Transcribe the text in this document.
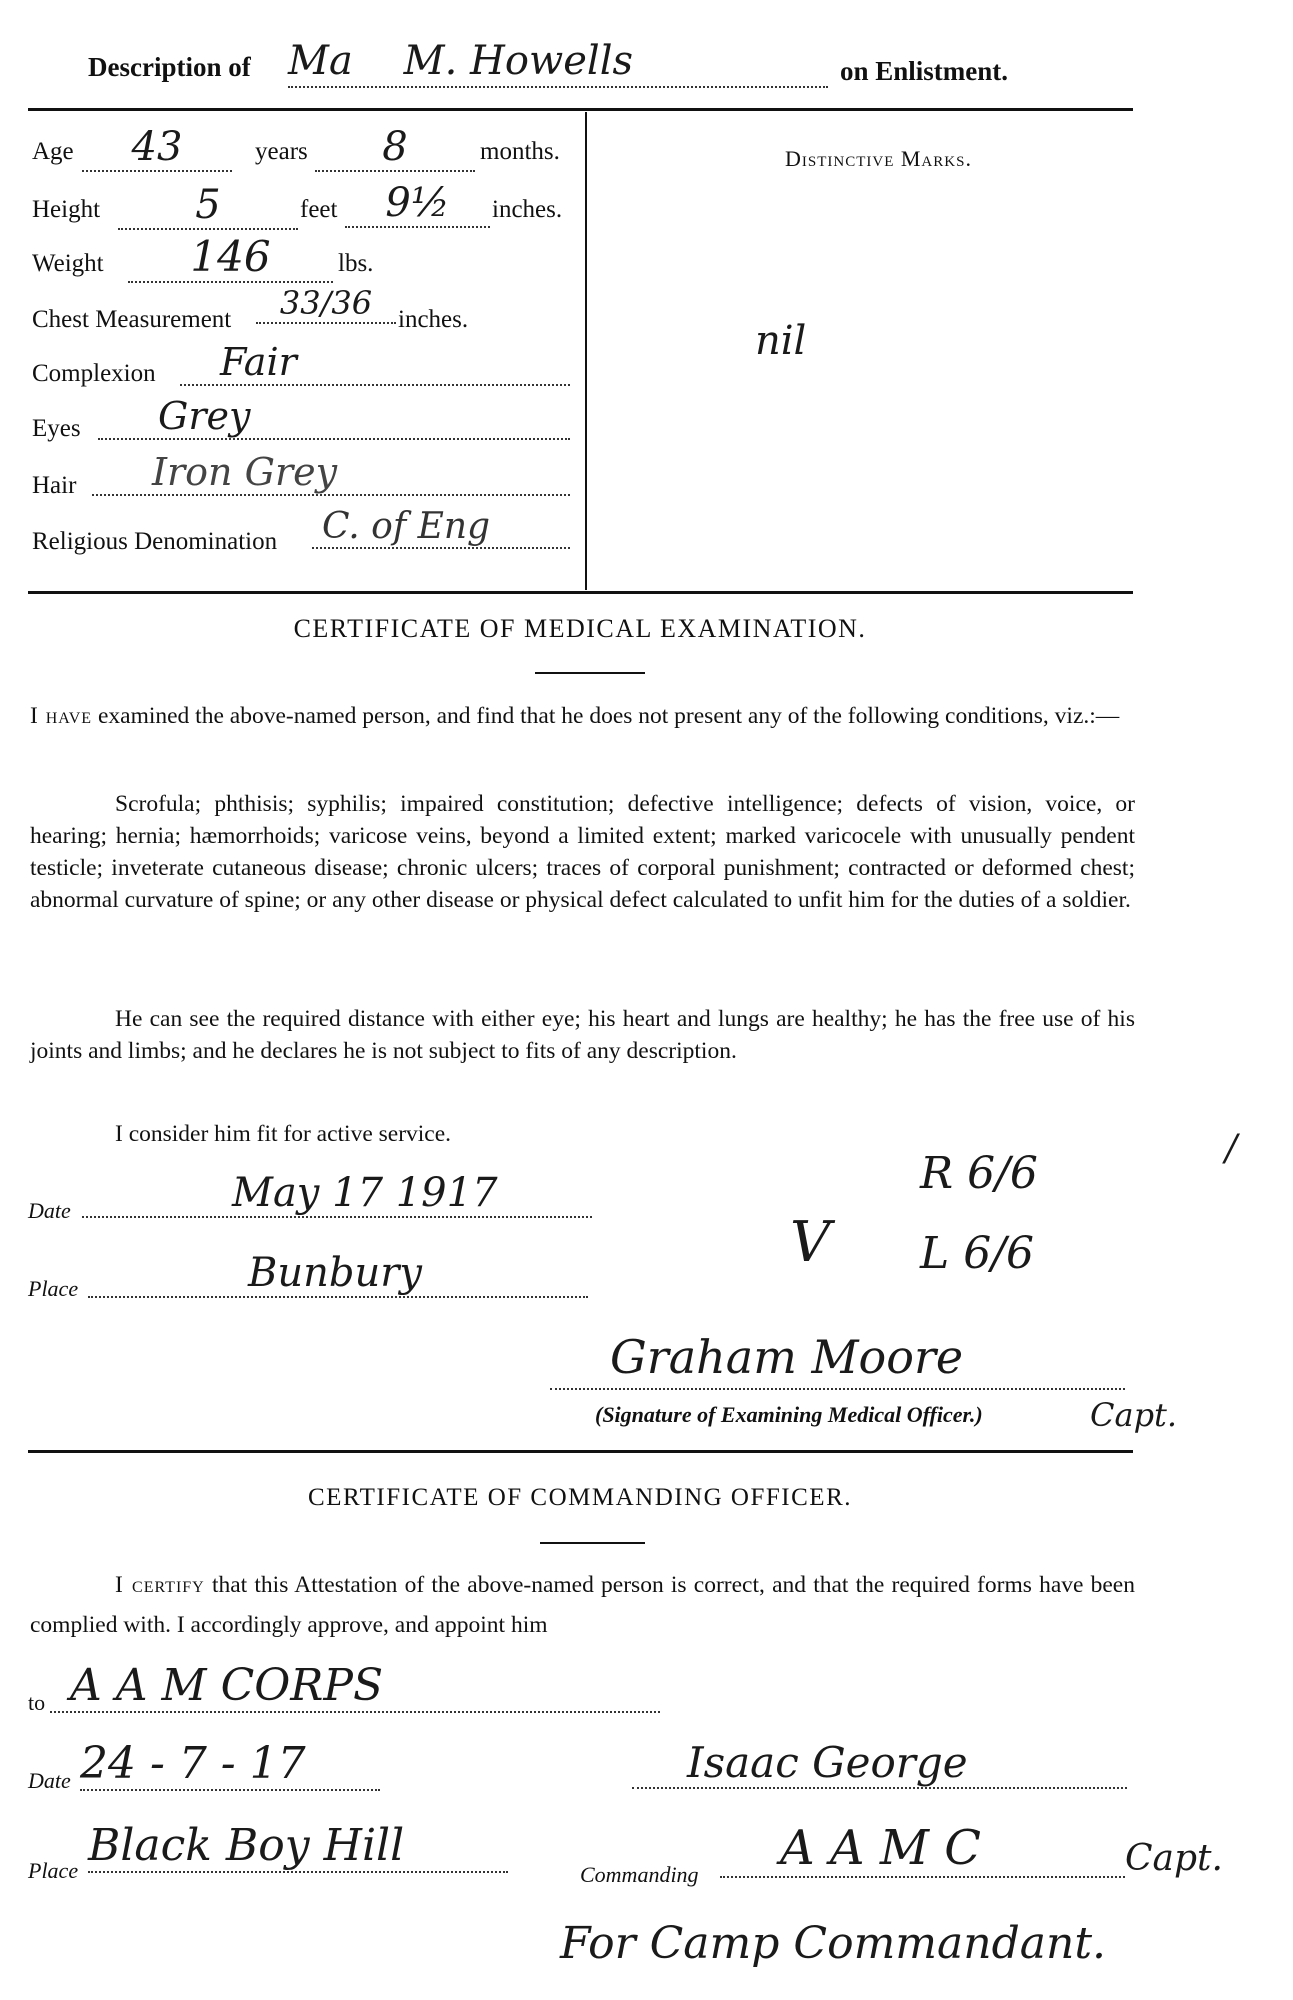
Description of Ma    M. Howells	on Enlistment.
Age	43	years	8	months.
Height	5	feet	9½	inches.
Weight	146	lbs.
Chest Measurement	33/36	inches.
Complexion	Fair
Eyes	Grey
Hair	Iron Grey
Religious Denomination C. of Eng
Distinctive Marks.
nil
CERTIFICATE OF MEDICAL EXAMINATION.
I have examined the above-named person, and find that he does not present any of the following conditions, viz.:—
Scrofula; phthisis; syphilis; impaired constitution; defective intelligence; defects of vision, voice, or hearing; hernia; hæmorrhoids; varicose veins, beyond a limited extent; marked varicocele with unusually pendent testicle; inveterate cutaneous disease; chronic ulcers; traces of corporal punishment; contracted or deformed chest; abnormal curvature of spine; or any other disease or physical defect calculated to unfit him for the duties of a soldier.
He can see the required distance with either eye; his heart and lungs are healthy; he has the free use of his joints and limbs; and he declares he is not subject to fits of any description.
I consider him fit for active service.
Date	May 17 1917
Place	Bunbury
R 6/6
V L 6/6
/
Graham Moore
(Signature of Examining Medical Officer.)	Capt.
CERTIFICATE OF COMMANDING OFFICER.
I certify that this Attestation of the above-named person is correct, and that the required forms have been complied with. I accordingly approve, and appoint him
to A A M CORPS
Date 24 - 7 - 17	Isaac George
Place Black Boy Hill
Commanding	A A M C	Capt.
For Camp Commandant.
